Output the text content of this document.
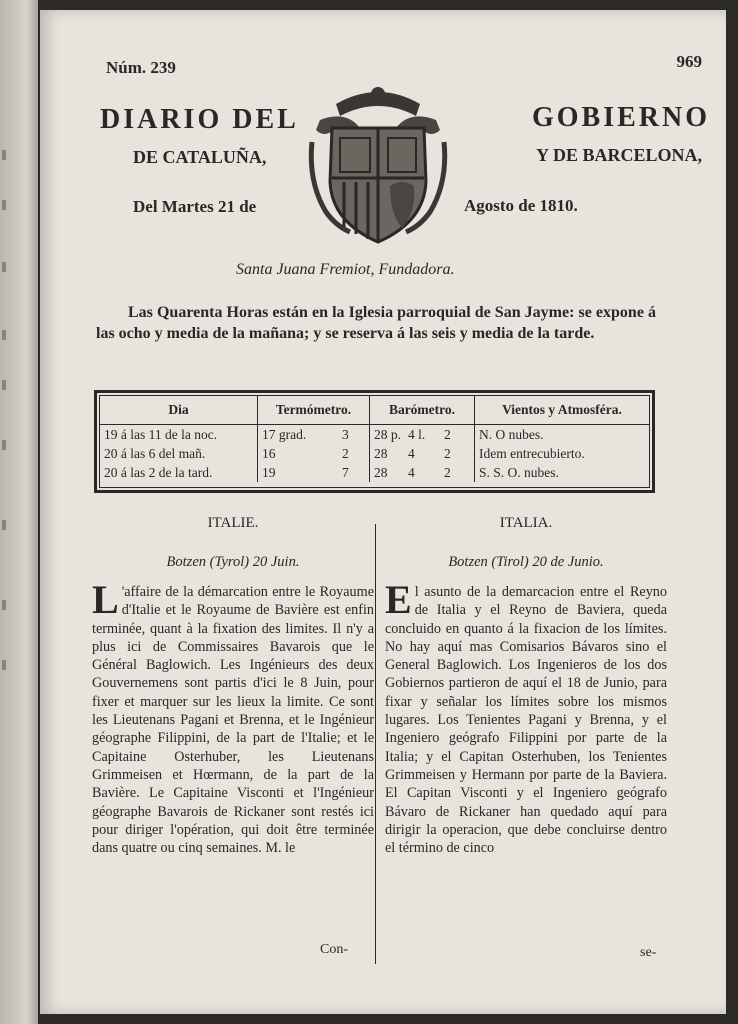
Núm. 239	969
DIARIO DEL	GOBIERNO
DE CATALUÑA,	Y DE BARCELONA,
Del Martes 21 de	Agosto de 1810.
Santa Juana Fremiot, Fundadora.
Las Quarenta Horas están en la Iglesia parroquial de San Jayme: se expone á las ocho y media de la mañana; y se reserva á las seis y media de la tarde.
Dia	Termómetro.	Barómetro.	Vientos y Atmosféra.
19 á las 11 de la noc.	17 grad. 3	28 p. 4 l. 2	N. O nubes.
20 á las 6 del mañ.	16 2	28 4 2	Idem entrecubierto.
20 á las 2 de la tard.	19 7	28 4 2	S. S. O. nubes.
ITALIE.
Botzen (Tyrol) 20 Juin.
L 'affaire de la démarcation entre le Royaume d'Italie et le Royaume de Bavière est enfin terminée, quant à la fixation des limites. Il n'y a plus ici de Commissaires Bavarois que le Général Baglowich. Les Ingénieurs des deux Gouvernemens sont partis d'ici le 8 Juin, pour fixer et marquer sur les lieux la limite. Ce sont les Lieutenans Pagani et Brenna, et le Ingénieur géographe Filippini, de la part de l'Italie; et le Capitaine Osterhuber, les Lieutenans Grimmeisen et Hœrmann, de la part de la Bavière. Le Capitaine Visconti et l'Ingénieur géographe Bavarois de Rickaner sont restés ici pour diriger l'opération, qui doit être terminée dans quatre ou cinq semaines. M. le
ITALIA.
Botzen (Tirol) 20 de Junio.
El asunto de la demarcacion entre el Reyno de Italia y el Reyno de Baviera, queda concluido en quanto á la fixacion de los límites. No hay aquí mas Comisarios Bávaros sino el General Baglowich. Los Ingenieros de los dos Gobiernos partieron de aquí el 18 de Junio, para fixar y señalar los límites sobre los mismos lugares. Los Tenientes Pagani y Brenna, y el Ingeniero geógrafo Filippini por parte de la Italia; y el Capitan Osterhuben, los Tenientes Grimmeisen y Hermann por parte de la Baviera. El Capitan Visconti y el Ingeniero geógrafo Bávaro de Rickaner han quedado aquí para dirigir la operacion, que debe concluirse dentro el término de cinco
Con-	se-
